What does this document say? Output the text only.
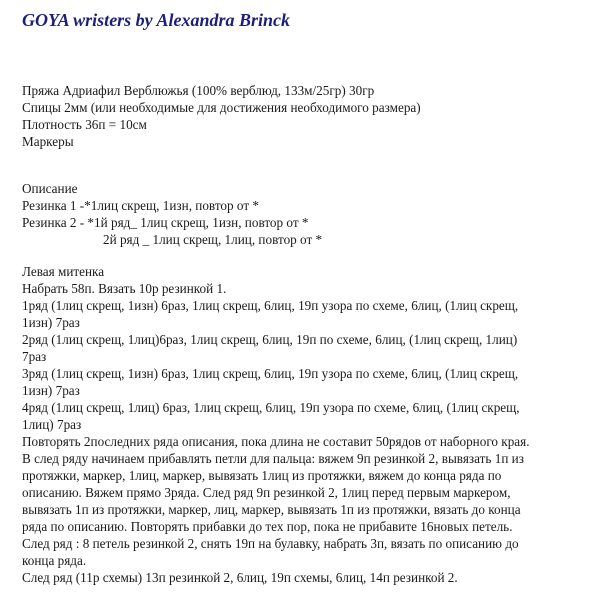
GOYA wristers by Alexandra Brinck
Пряжа Адриафил Верблюжья (100% верблюд, 133м/25гр) 30гр
Спицы 2мм (или необходимые для достижения необходимого размера)
Плотность 36п = 10см
Маркеры
Описание
Резинка 1 -*1лиц скрещ, 1изн, повтор от *
Резинка 2 - *1й ряд_ 1лиц скрещ, 1изн, повтор от *
2й ряд _ 1лиц скрещ, 1лиц, повтор от *
Левая митенка
Набрать 58п. Вязать 10р резинкой 1.
1ряд (1лиц скрещ, 1изн) 6раз, 1лиц скрещ, 6лиц, 19п узора по схеме, 6лиц, (1лиц скрещ,
1изн) 7раз
2ряд (1лиц скрещ, 1лиц)6раз, 1лиц скрещ, 6лиц, 19п по схеме, 6лиц, (1лиц скрещ, 1лиц)
7раз
3ряд (1лиц скрещ, 1изн) 6раз, 1лиц скрещ, 6лиц, 19п узора по схеме, 6лиц, (1лиц скрещ,
1изн) 7раз
4ряд (1лиц скрещ, 1лиц) 6раз, 1лиц скрещ, 6лиц, 19п узора по схеме, 6лиц, (1лиц скрещ,
1лиц) 7раз
Повторять 2последних ряда описания, пока длина не составит 50рядов от наборного края.
В след ряду начинаем прибавлять петли для пальца: вяжем 9п резинкой 2, вывязать 1п из
протяжки, маркер, 1лиц, маркер, вывязать 1лиц из протяжки, вяжем до конца ряда по
описанию. Вяжем прямо 3ряда. След ряд 9п резинкой 2, 1лиц перед первым маркером,
вывязать 1п из протяжки, маркер, лиц, маркер, вывязать 1п из протяжки, вязать до конца
ряда по описанию. Повторять прибавки до тех пор, пока не прибавите 16новых петель.
След ряд : 8 петель резинкой 2, снять 19п на булавку, набрать 3п, вязать по описанию до
конца ряда.
След ряд (11р схемы) 13п резинкой 2, 6лиц, 19п схемы, 6лиц, 14п резинкой 2.
